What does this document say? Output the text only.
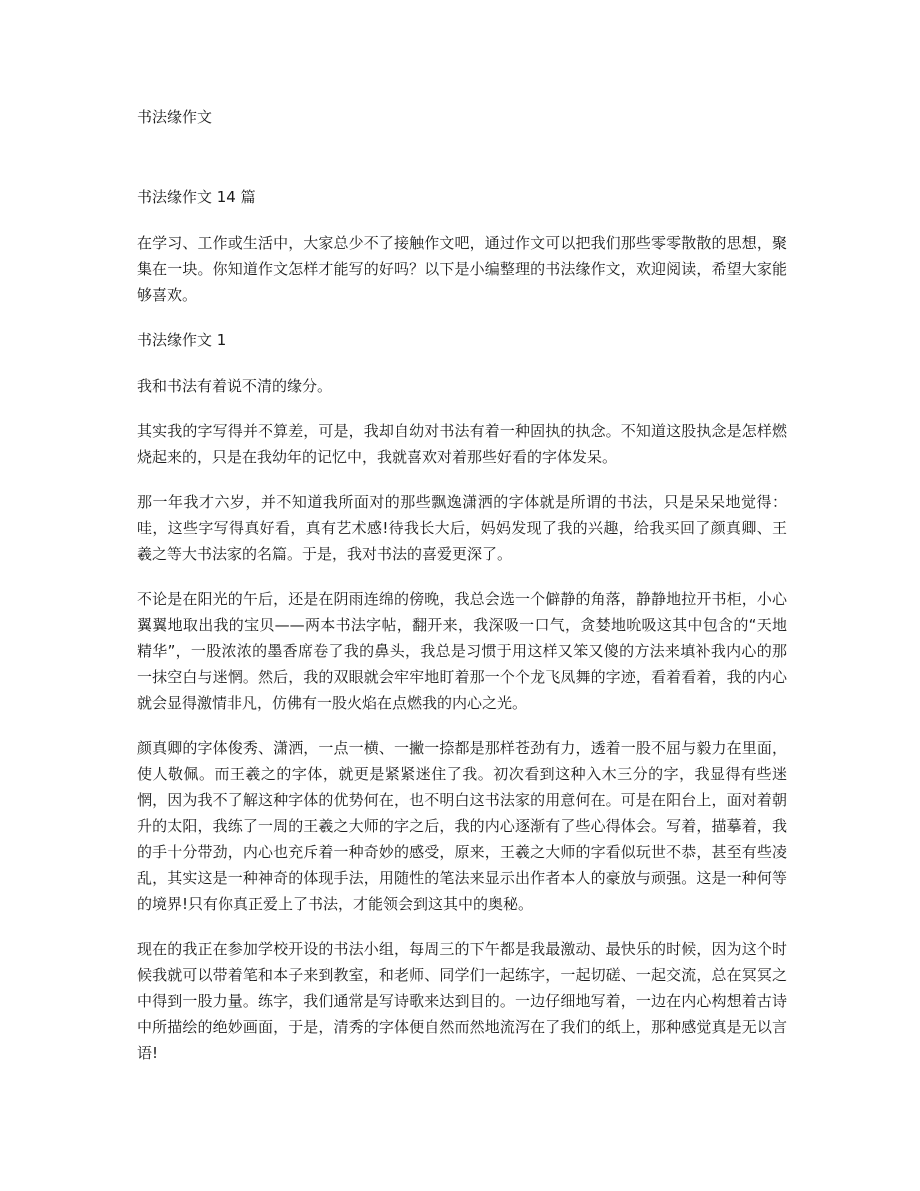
书法缘作文

书法缘作文 14 篇

在学习、工作或生活中，大家总少不了接触作文吧，通过作文可以把我们那些零零散散的思想，聚集在一块。你知道作文怎样才能写的好吗？以下是小编整理的书法缘作文，欢迎阅读，希望大家能够喜欢。

书法缘作文 1

我和书法有着说不清的缘分。

其实我的字写得并不算差，可是，我却自幼对书法有着一种固执的执念。不知道这股执念是怎样燃烧起来的，只是在我幼年的记忆中，我就喜欢对着那些好看的字体发呆。

那一年我才六岁，并不知道我所面对的那些飘逸潇洒的字体就是所谓的书法，只是呆呆地觉得：哇，这些字写得真好看，真有艺术感!待我长大后，妈妈发现了我的兴趣，给我买回了颜真卿、王羲之等大书法家的名篇。于是，我对书法的喜爱更深了。

不论是在阳光的午后，还是在阴雨连绵的傍晚，我总会选一个僻静的角落，静静地拉开书柜，小心翼翼地取出我的宝贝——两本书法字帖，翻开来，我深吸一口气，贪婪地吮吸这其中包含的“天地精华”，一股浓浓的墨香席卷了我的鼻头，我总是习惯于用这样又笨又傻的方法来填补我内心的那一抹空白与迷惘。然后，我的双眼就会牢牢地盯着那一个个龙飞凤舞的字迹，看着看着，我的内心就会显得激情非凡，仿佛有一股火焰在点燃我的内心之光。

颜真卿的字体俊秀、潇洒，一点一横、一撇一捺都是那样苍劲有力，透着一股不屈与毅力在里面，使人敬佩。而王羲之的字体，就更是紧紧迷住了我。初次看到这种入木三分的字，我显得有些迷惘，因为我不了解这种字体的优势何在，也不明白这书法家的用意何在。可是在阳台上，面对着朝升的太阳，我练了一周的王羲之大师的字之后，我的内心逐渐有了些心得体会。写着，描摹着，我的手十分带劲，内心也充斥着一种奇妙的感受，原来，王羲之大师的字看似玩世不恭，甚至有些凌乱，其实这是一种神奇的体现手法，用随性的笔法来显示出作者本人的豪放与顽强。这是一种何等的境界!只有你真正爱上了书法，才能领会到这其中的奥秘。

现在的我正在参加学校开设的书法小组，每周三的下午都是我最激动、最快乐的时候，因为这个时候我就可以带着笔和本子来到教室，和老师、同学们一起练字，一起切磋、一起交流，总在冥冥之中得到一股力量。练字，我们通常是写诗歌来达到目的。一边仔细地写着，一边在内心构想着古诗中所描绘的绝妙画面，于是，清秀的字体便自然而然地流泻在了我们的纸上，那种感觉真是无以言语!
